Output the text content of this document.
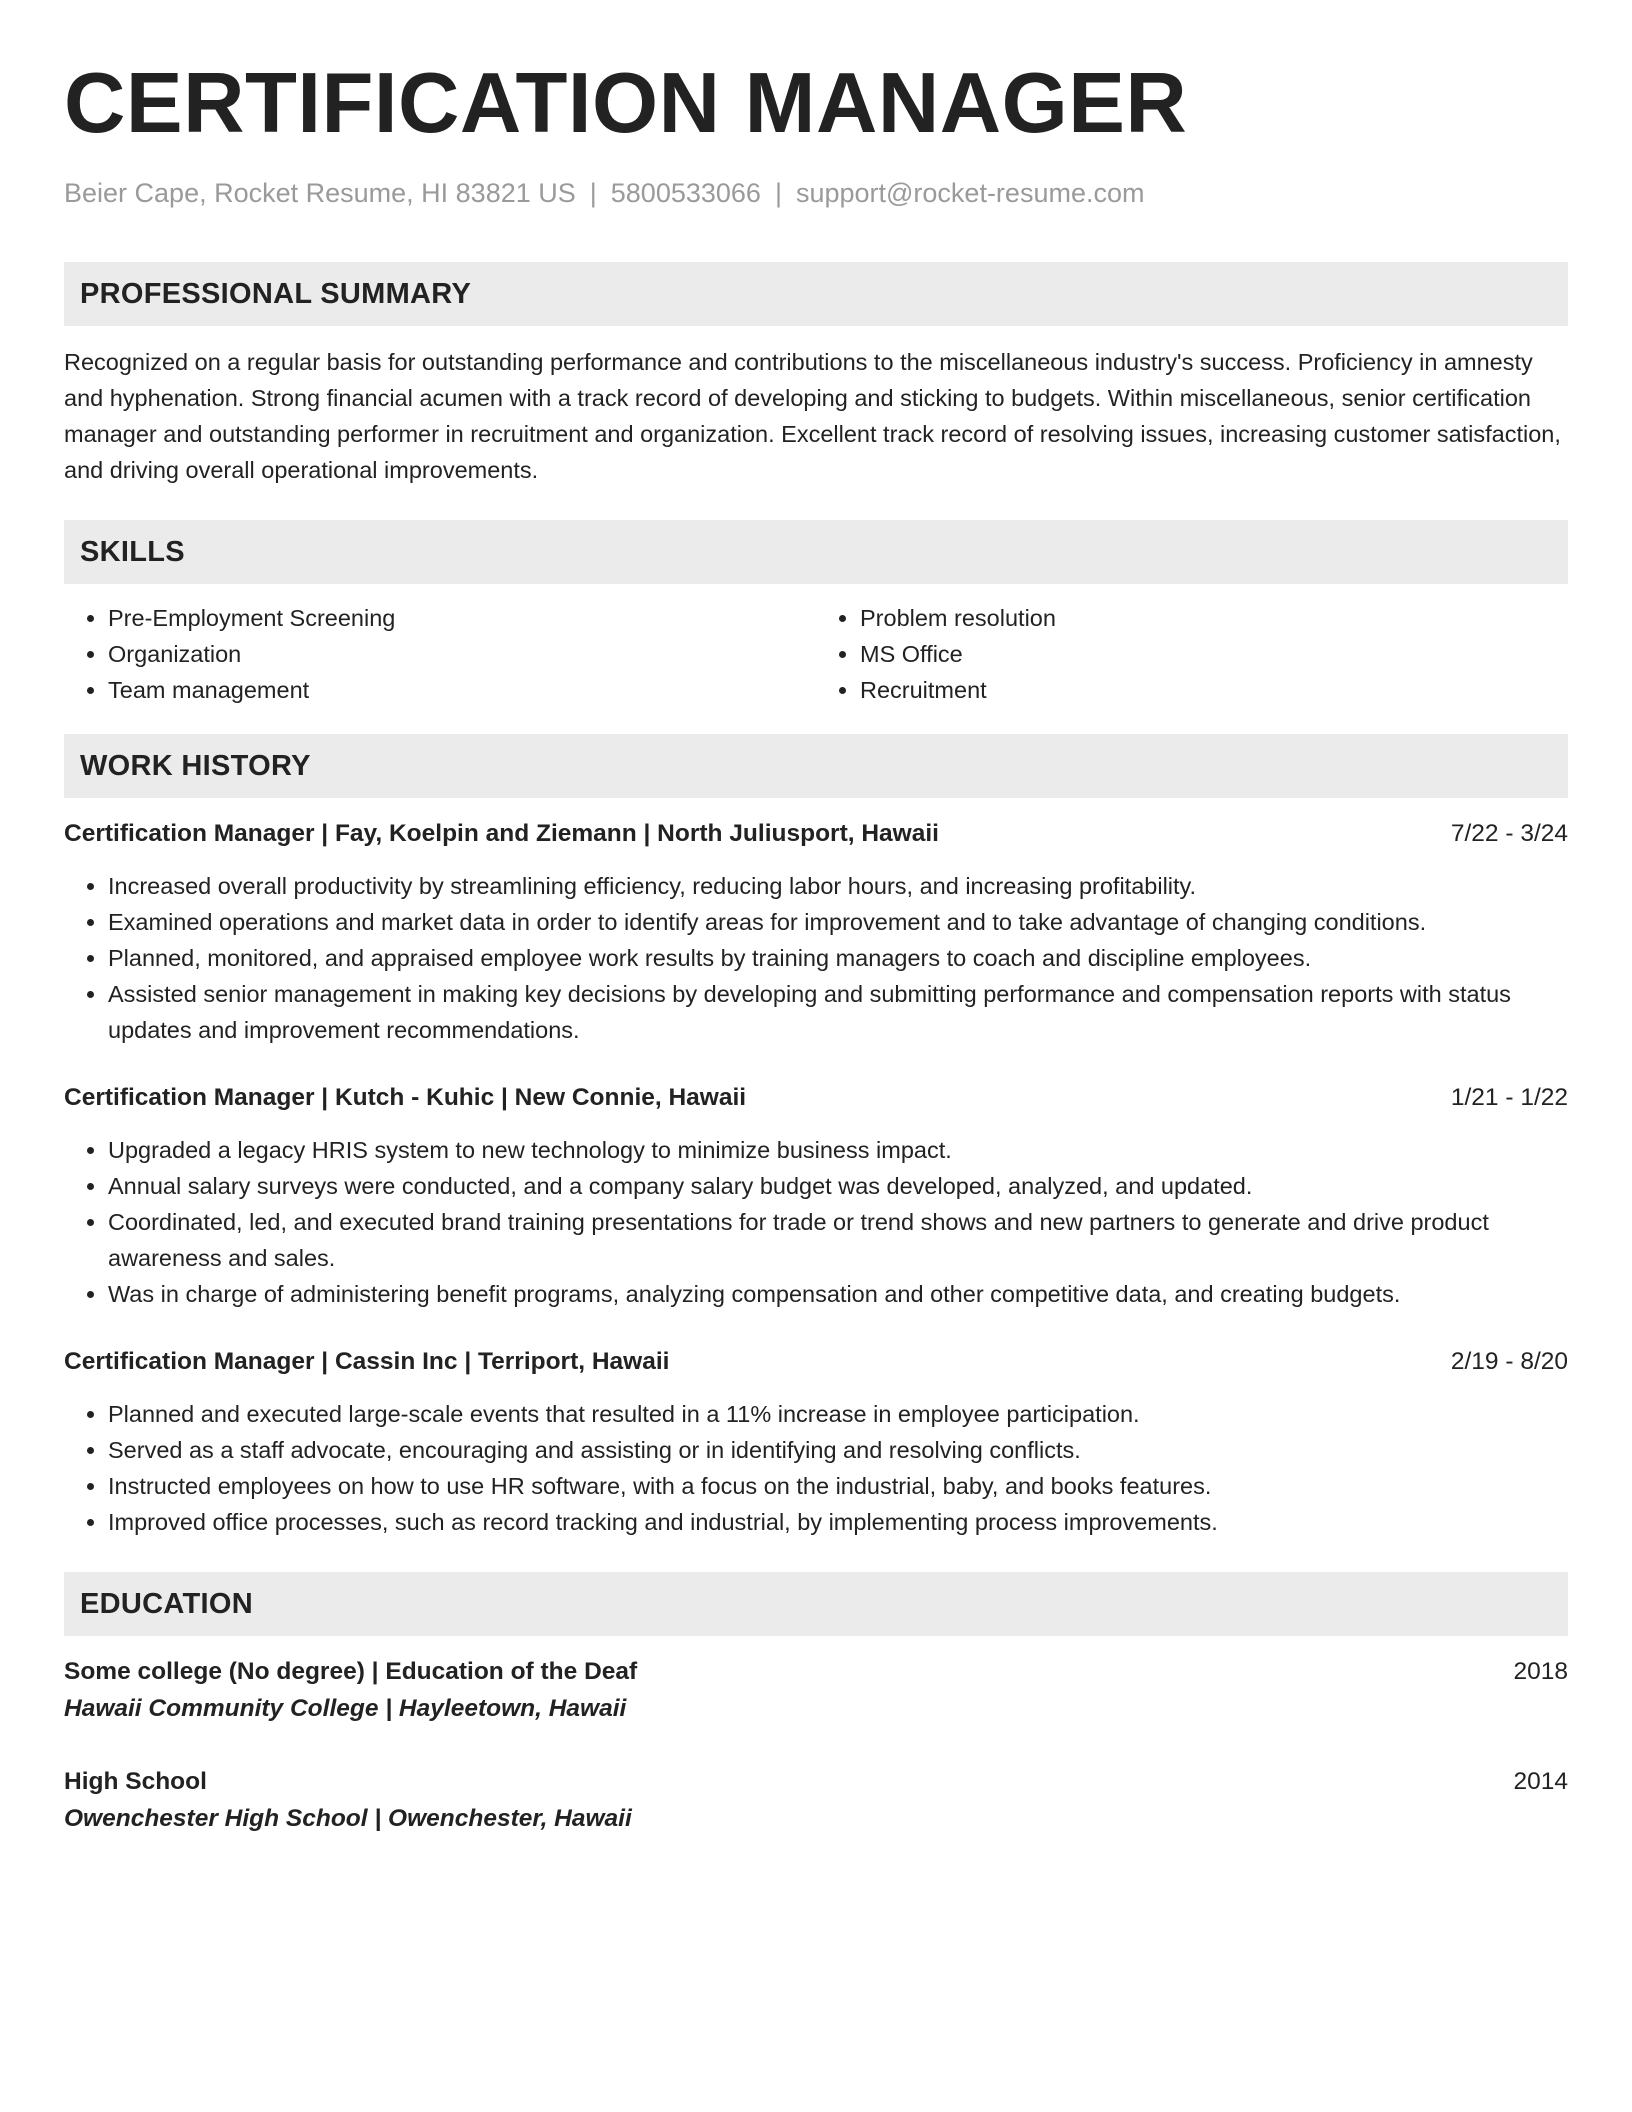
CERTIFICATION MANAGER
Beier Cape, Rocket Resume, HI 83821 US | 5800533066 | support@rocket-resume.com
PROFESSIONAL SUMMARY

Recognized on a regular basis for outstanding performance and contributions to the miscellaneous industry's success. Proficiency in amnesty and hyphenation. Strong financial acumen with a track record of developing and sticking to budgets. Within miscellaneous, senior certification manager and outstanding performer in recruitment and organization. Excellent track record of resolving issues, increasing customer satisfaction, and driving overall operational improvements.

SKILLS
• Pre-Employment Screening
• Organization
• Team management
• Problem resolution
• MS Office
• Recruitment
WORK HISTORY
Certification Manager | Fay, Koelpin and Ziemann | North Juliusport, Hawaii	7/22 - 3/24
• Increased overall productivity by streamlining efficiency, reducing labor hours, and increasing profitability.
• Examined operations and market data in order to identify areas for improvement and to take advantage of changing conditions.
• Planned, monitored, and appraised employee work results by training managers to coach and discipline employees.
• Assisted senior management in making key decisions by developing and submitting performance and compensation reports with status updates and improvement recommendations.
Certification Manager | Kutch - Kuhic | New Connie, Hawaii	1/21 - 1/22
• Upgraded a legacy HRIS system to new technology to minimize business impact.
• Annual salary surveys were conducted, and a company salary budget was developed, analyzed, and updated.
• Coordinated, led, and executed brand training presentations for trade or trend shows and new partners to generate and drive product awareness and sales.
• Was in charge of administering benefit programs, analyzing compensation and other competitive data, and creating budgets.
Certification Manager | Cassin Inc | Terriport, Hawaii	2/19 - 8/20
• Planned and executed large-scale events that resulted in a 11% increase in employee participation.
• Served as a staff advocate, encouraging and assisting or in identifying and resolving conflicts.
• Instructed employees on how to use HR software, with a focus on the industrial, baby, and books features.
• Improved office processes, such as record tracking and industrial, by implementing process improvements.
EDUCATION
Some college (No degree) | Education of the Deaf	2018
Hawaii Community College | Hayleetown, Hawaii
High School	2014
Owenchester High School | Owenchester, Hawaii
